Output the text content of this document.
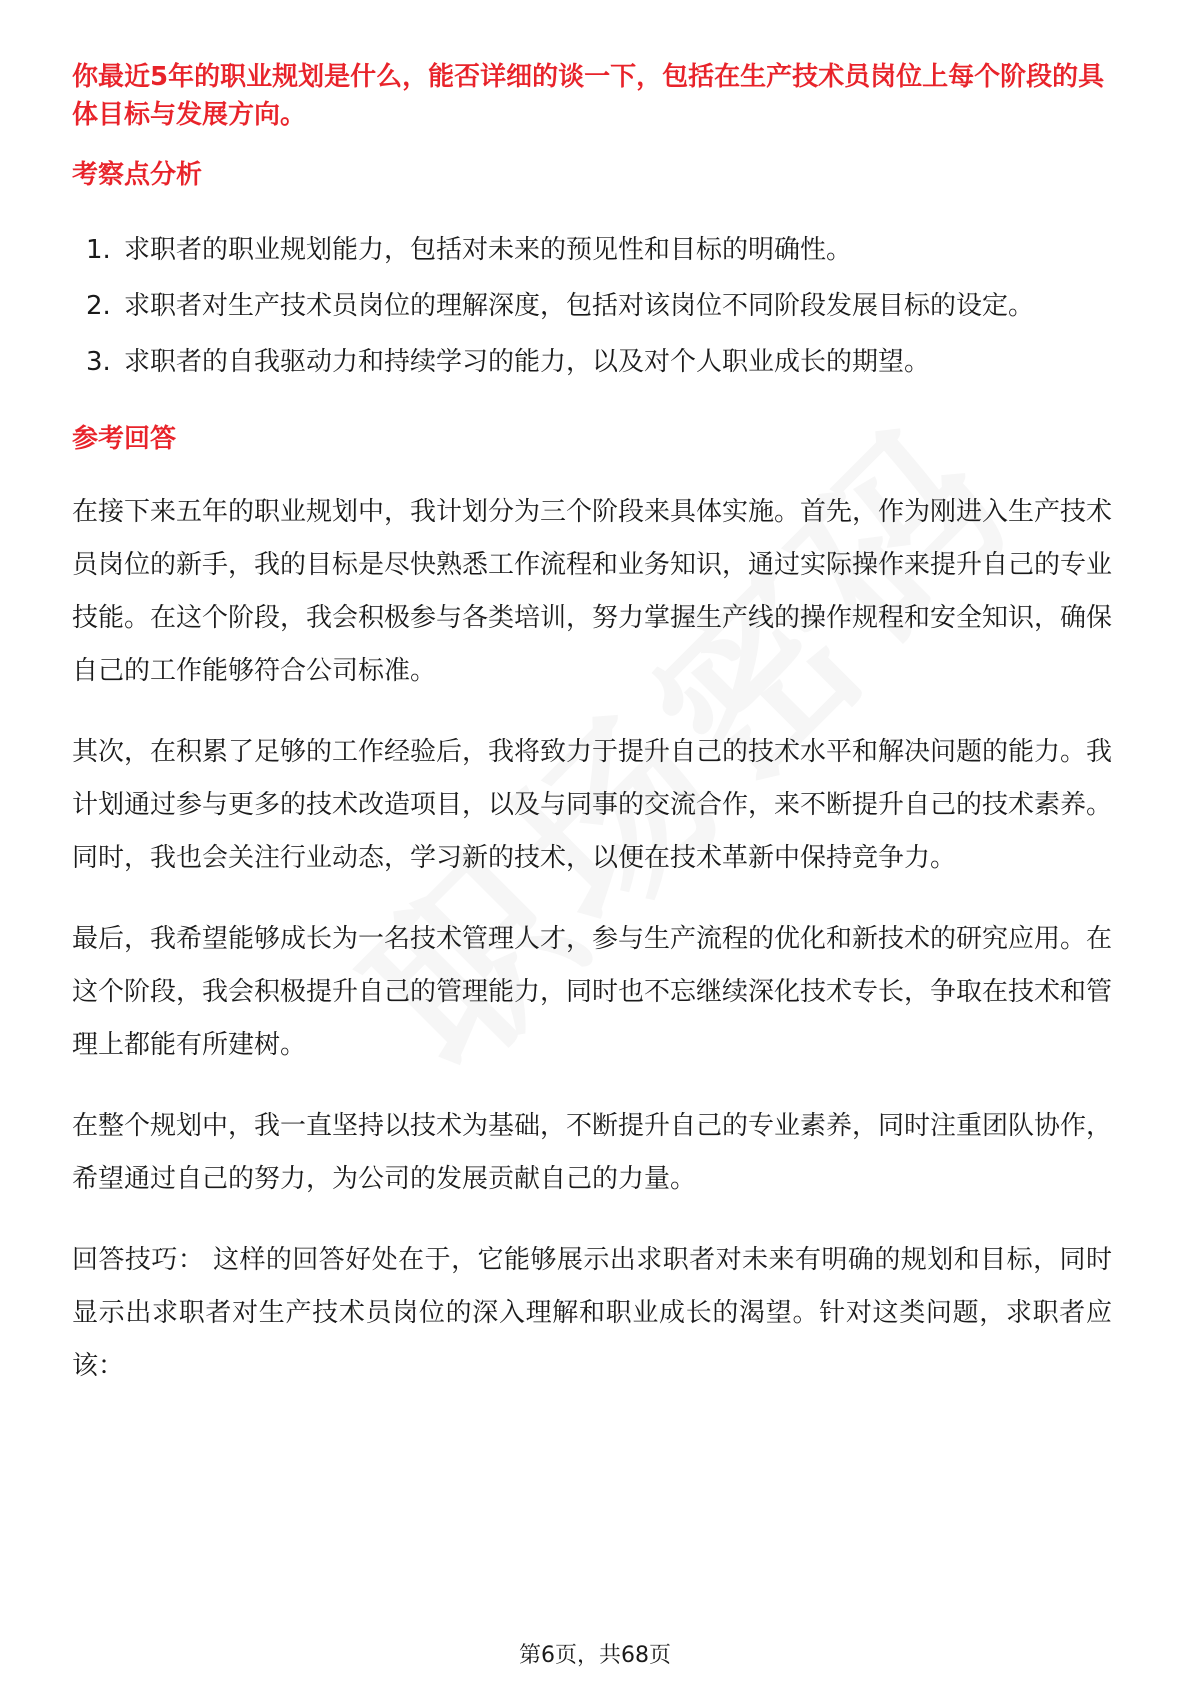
你最近5年的职业规划是什么，能否详细的谈一下，包括在生产技术员岗位上每个阶段的具体目标与发展方向。

考察点分析

1. 求职者的职业规划能力，包括对未来的预见性和目标的明确性。
2. 求职者对生产技术员岗位的理解深度，包括对该岗位不同阶段发展目标的设定。
3. 求职者的自我驱动力和持续学习的能力，以及对个人职业成长的期望。

参考回答

在接下来五年的职业规划中，我计划分为三个阶段来具体实施。首先，作为刚进入生产技术员岗位的新手，我的目标是尽快熟悉工作流程和业务知识，通过实际操作来提升自己的专业技能。在这个阶段，我会积极参与各类培训，努力掌握生产线的操作规程和安全知识，确保自己的工作能够符合公司标准。

其次，在积累了足够的工作经验后，我将致力于提升自己的技术水平和解决问题的能力。我计划通过参与更多的技术改造项目，以及与同事的交流合作，来不断提升自己的技术素养。同时，我也会关注行业动态，学习新的技术，以便在技术革新中保持竞争力。

最后，我希望能够成长为一名技术管理人才，参与生产流程的优化和新技术的研究应用。在这个阶段，我会积极提升自己的管理能力，同时也不忘继续深化技术专长，争取在技术和管理上都能有所建树。

在整个规划中，我一直坚持以技术为基础，不断提升自己的专业素养，同时注重团队协作，希望通过自己的努力，为公司的发展贡献自己的力量。

回答技巧： 这样的回答好处在于，它能够展示出求职者对未来有明确的规划和目标，同时显示出求职者对生产技术员岗位的深入理解和职业成长的渴望。针对这类问题，求职者应该：

第6页，共68页
